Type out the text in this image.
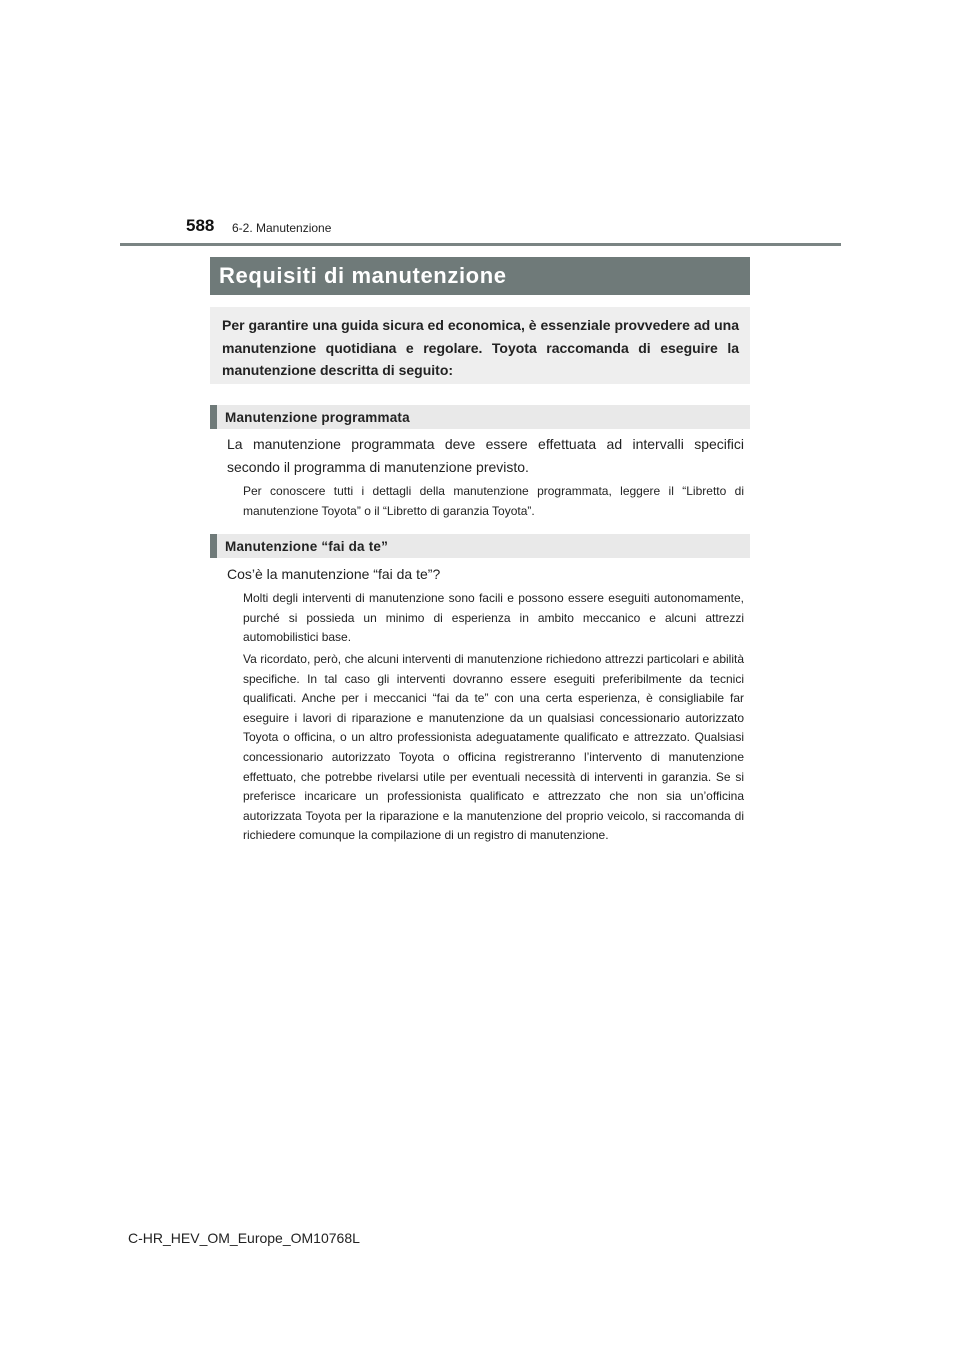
588 6-2. Manutenzione
Requisiti di manutenzione

Per garantire una guida sicura ed economica, è essenziale provvedere ad una manutenzione quotidiana e regolare. Toyota raccomanda di eseguire la manutenzione descritta di seguito:

Manutenzione programmata

La manutenzione programmata deve essere effettuata ad intervalli specifici secondo il programma di manutenzione previsto.

Per conoscere tutti i dettagli della manutenzione programmata, leggere il “Libretto di manutenzione Toyota” o il “Libretto di garanzia Toyota”.

Manutenzione “fai da te”

Cos’è la manutenzione “fai da te”?

Molti degli interventi di manutenzione sono facili e possono essere eseguiti autonomamente, purché si possieda un minimo di esperienza in ambito meccanico e alcuni attrezzi automobilistici base.

Va ricordato, però, che alcuni interventi di manutenzione richiedono attrezzi particolari e abilità specifiche. In tal caso gli interventi dovranno essere eseguiti preferibilmente da tecnici qualificati. Anche per i meccanici “fai da te” con una certa esperienza, è consigliabile far eseguire i lavori di riparazione e manutenzione da un qualsiasi concessionario autorizzato Toyota o officina, o un altro professionista adeguatamente qualificato e attrezzato. Qualsiasi concessionario autorizzato Toyota o officina registreranno l’intervento di manutenzione effettuato, che potrebbe rivelarsi utile per eventuali necessità di interventi in garanzia. Se si preferisce incaricare un professionista qualificato e attrezzato che non sia un’officina autorizzata Toyota per la riparazione e la manutenzione del proprio veicolo, si raccomanda di richiedere comunque la compilazione di un registro di manutenzione.

C-HR_HEV_OM_Europe_OM10768L
